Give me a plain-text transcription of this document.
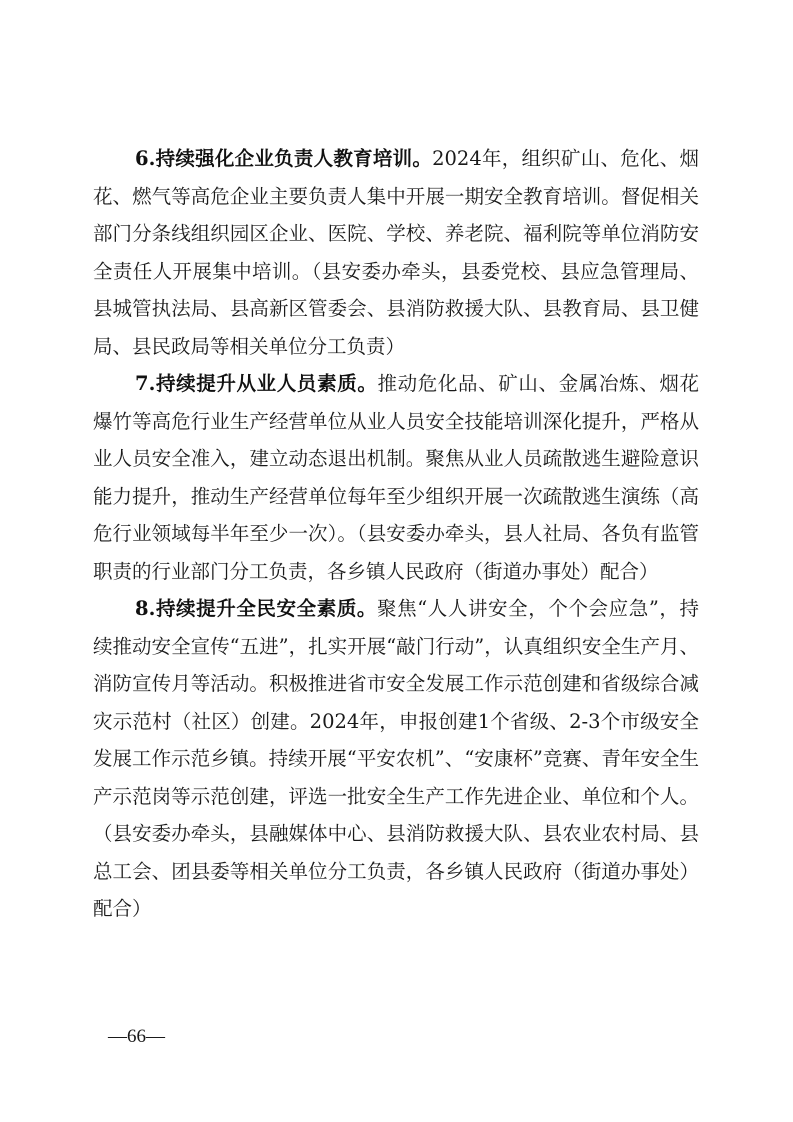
6.持续强化企业负责人教育培训。2024年，组织矿山、危化、烟花、燃气等高危企业主要负责人集中开展一期安全教育培训。督促相关部门分条线组织园区企业、医院、学校、养老院、福利院等单位消防安全责任人开展集中培训。（县安委办牵头，县委党校、县应急管理局、县城管执法局、县高新区管委会、县消防救援大队、县教育局、县卫健局、县民政局等相关单位分工负责）

7.持续提升从业人员素质。推动危化品、矿山、金属冶炼、烟花爆竹等高危行业生产经营单位从业人员安全技能培训深化提升，严格从业人员安全准入，建立动态退出机制。聚焦从业人员疏散逃生避险意识能力提升，推动生产经营单位每年至少组织开展一次疏散逃生演练（高危行业领域每半年至少一次）。（县安委办牵头，县人社局、各负有监管职责的行业部门分工负责，各乡镇人民政府（街道办事处）配合）

8.持续提升全民安全素质。聚焦“人人讲安全，个个会应急”，持续推动安全宣传“五进”，扎实开展“敲门行动”，认真组织安全生产月、消防宣传月等活动。积极推进省市安全发展工作示范创建和省级综合减灾示范村（社区）创建。2024年，申报创建1个省级、2-3个市级安全发展工作示范乡镇。持续开展“平安农机”、“安康杯”竞赛、青年安全生产示范岗等示范创建，评选一批安全生产工作先进企业、单位和个人。（县安委办牵头，县融媒体中心、县消防救援大队、县农业农村局、县总工会、团县委等相关单位分工负责，各乡镇人民政府（街道办事处）配合）

—66—
